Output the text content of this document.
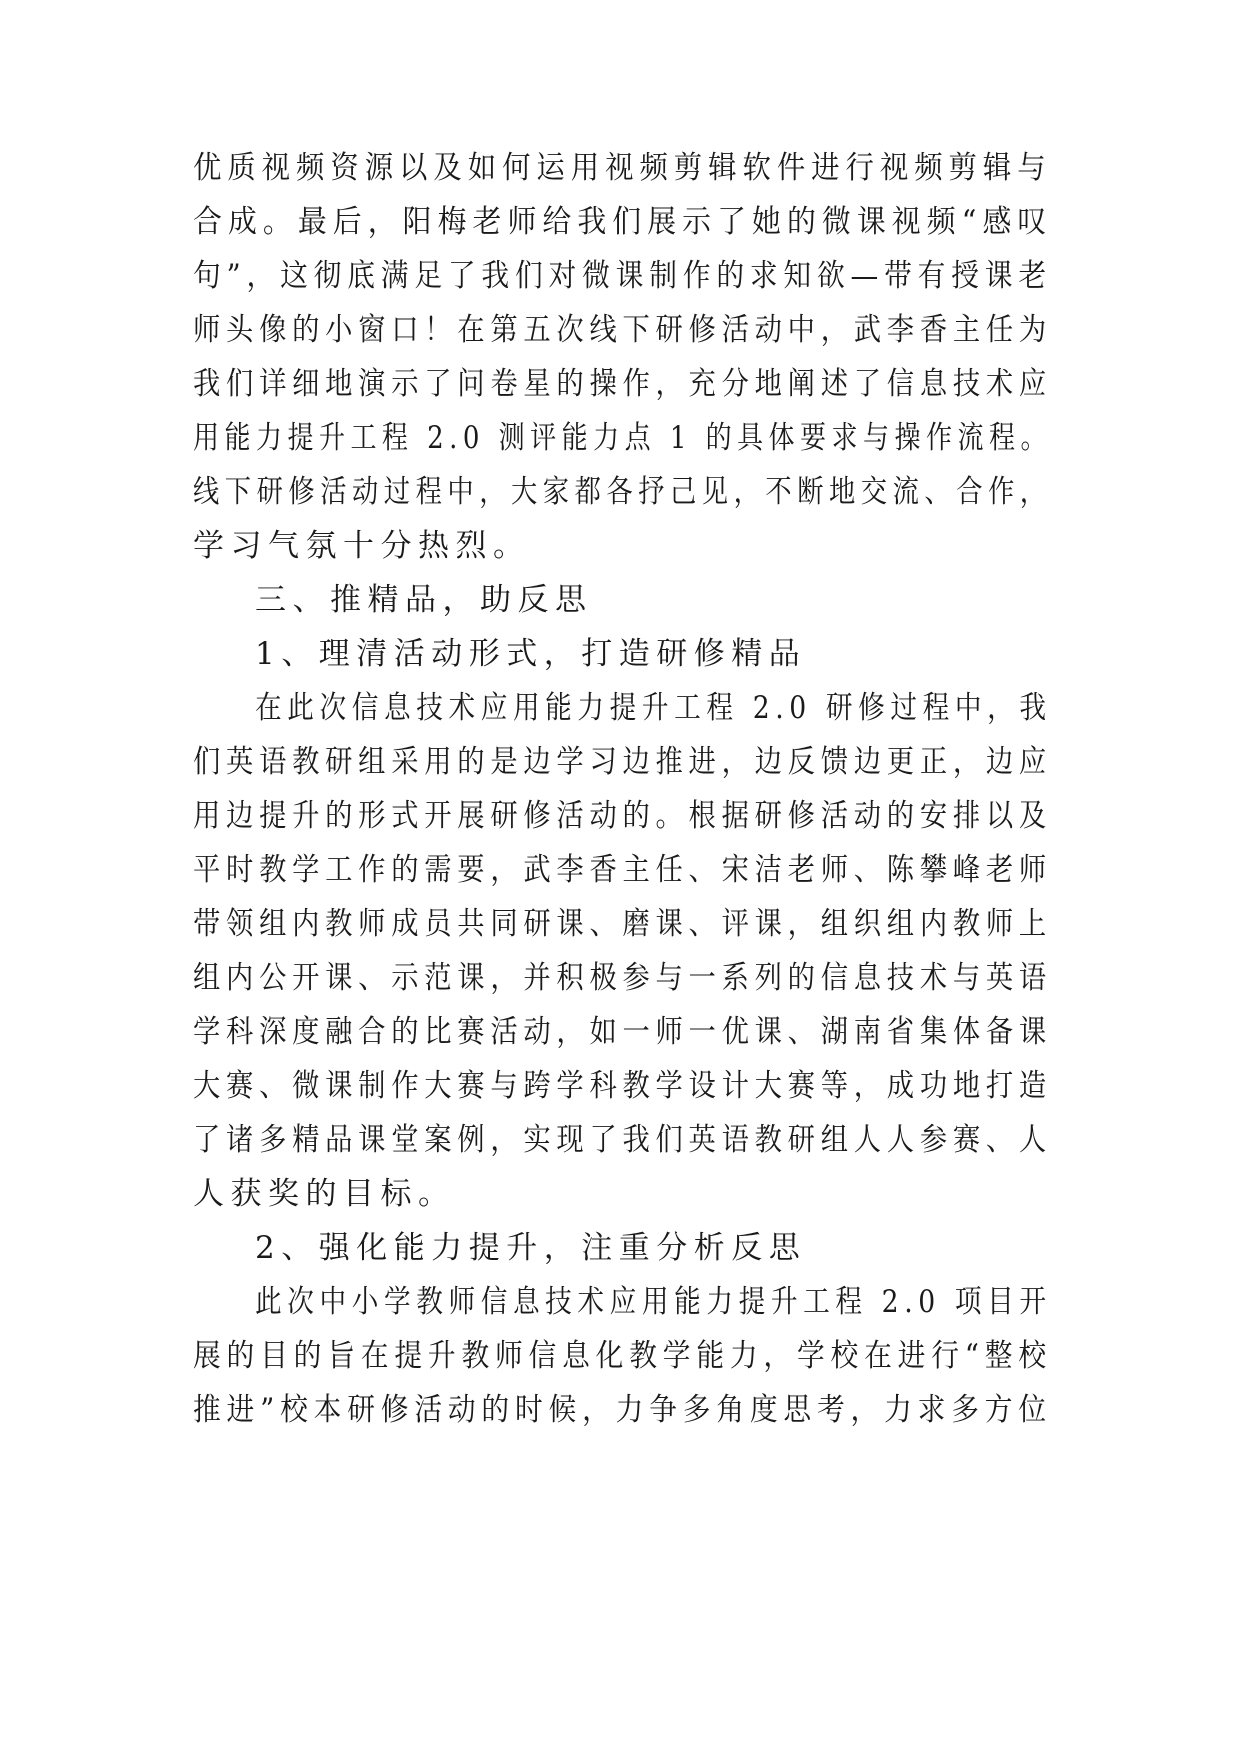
优质视频资源以及如何运用视频剪辑软件进行视频剪辑与

合成。最后，阳梅老师给我们展示了她的微课视频“感叹

句”，这彻底满足了我们对微课制作的求知欲—带有授课老

师头像的小窗口！在第五次线下研修活动中，武李香主任为

我们详细地演示了问卷星的操作，充分地阐述了信息技术应

用能力提升工程 2.0 测评能力点 1 的具体要求与操作流程。

线下研修活动过程中，大家都各抒己见，不断地交流、合作，

学习气氛十分热烈。

三、推精品，助反思

1、理清活动形式，打造研修精品

在此次信息技术应用能力提升工程 2.0 研修过程中，我

们英语教研组采用的是边学习边推进，边反馈边更正，边应

用边提升的形式开展研修活动的。根据研修活动的安排以及

平时教学工作的需要，武李香主任、宋洁老师、陈攀峰老师

带领组内教师成员共同研课、磨课、评课，组织组内教师上

组内公开课、示范课，并积极参与一系列的信息技术与英语

学科深度融合的比赛活动，如一师一优课、湖南省集体备课

大赛、微课制作大赛与跨学科教学设计大赛等，成功地打造

了诸多精品课堂案例，实现了我们英语教研组人人参赛、人

人获奖的目标。

2、强化能力提升，注重分析反思

此次中小学教师信息技术应用能力提升工程 2.0 项目开

展的目的旨在提升教师信息化教学能力，学校在进行“整校

推进”校本研修活动的时候，力争多角度思考，力求多方位
